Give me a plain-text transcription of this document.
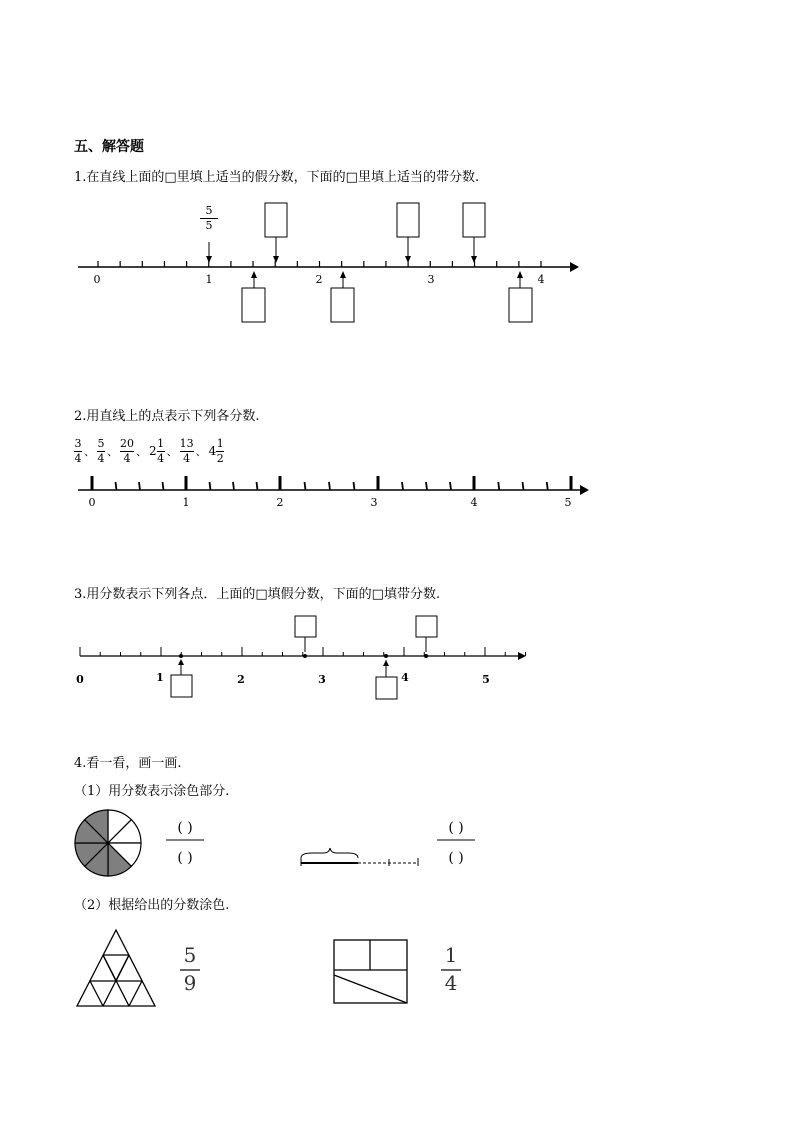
五、解答题
1.在直线上面的□里填上适当的假分数，下面的□里填上适当的带分数.
5
5
0	1	2	3	4
2.用直线上的点表示下列各分数.
3
4 、
5
4 、
20
4 、 2
1
4 、
13
4 、 4
1
2
0	1	2	3	4	5
3.用分数表示下列各点．上面的□填假分数，下面的□填带分数.
0	1	2	3	4	5
4.看一看，画一画.
（1）用分数表示涂色部分.
（2）根据给出的分数涂色.
( )
( )
( )
( )
5
9
1
4
